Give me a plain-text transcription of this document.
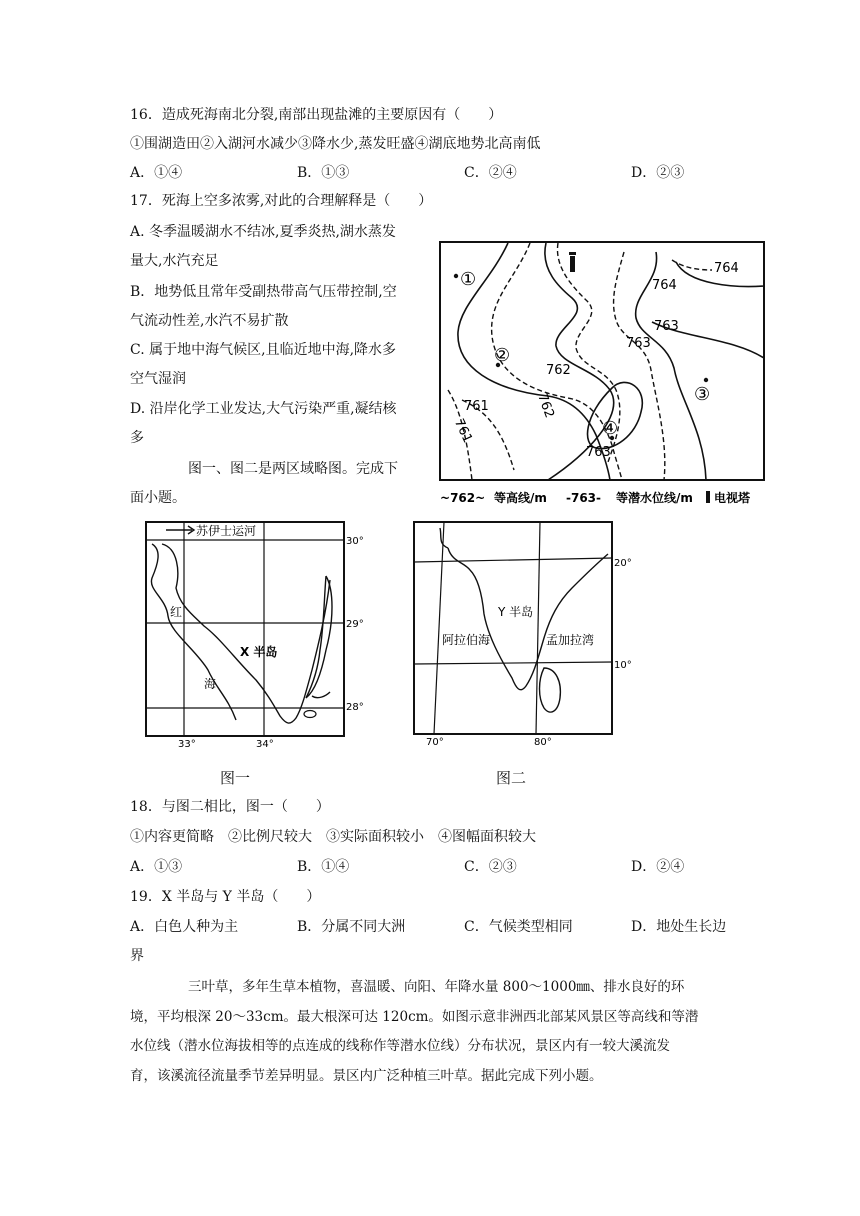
16．造成死海南北分裂,南部出现盐滩的主要原因有（　　）
①围湖造田②入湖河水减少③降水少,蒸发旺盛④湖底地势北高南低
A．①④	B．①③	C．②④	D．②③
17．死海上空多浓雾,对此的合理解释是（　　）
A. 冬季温暖湖水不结冰,夏季炎热,湖水蒸发
量大,水汽充足
B．地势低且常年受副热带高气压带控制,空
气流动性差,水汽不易扩散
C. 属于地中海气候区,且临近地中海,降水多
空气湿润
D. 沿岸化学工业发达,大气污染严重,凝结核
多
图一、图二是两区域略图。完成下
面小题。
①
②
③
④
764
764
763
763
762
762
761
761
763
~762~ 等高线/m -763- 等潜水位线/m 电视塔
苏伊士运河
红
海
X 半岛
30°
29°
28°
33°	34°
图一
Y 半岛
阿拉伯海	孟加拉湾
20°
10°
70°	80°
图二
18．与图二相比，图一（　　）
①内容更简略　②比例尺较大　③实际面积较小　④图幅面积较大
A．①③	B．①④	C．②③	D．②④
19．X 半岛与 Y 半岛（　　）
A．白色人种为主	B．分属不同大洲	C．气候类型相同	D．地处生长边
界
三叶草，多年生草本植物，喜温暖、向阳、年降水量 800～1000㎜、排水良好的环
境，平均根深 20～33cm。最大根深可达 120cm。如图示意非洲西北部某风景区等高线和等潜
水位线（潜水位海拔相等的点连成的线称作等潜水位线）分布状况，景区内有一较大溪流发
育，该溪流径流量季节差异明显。景区内广泛种植三叶草。据此完成下列小题。
